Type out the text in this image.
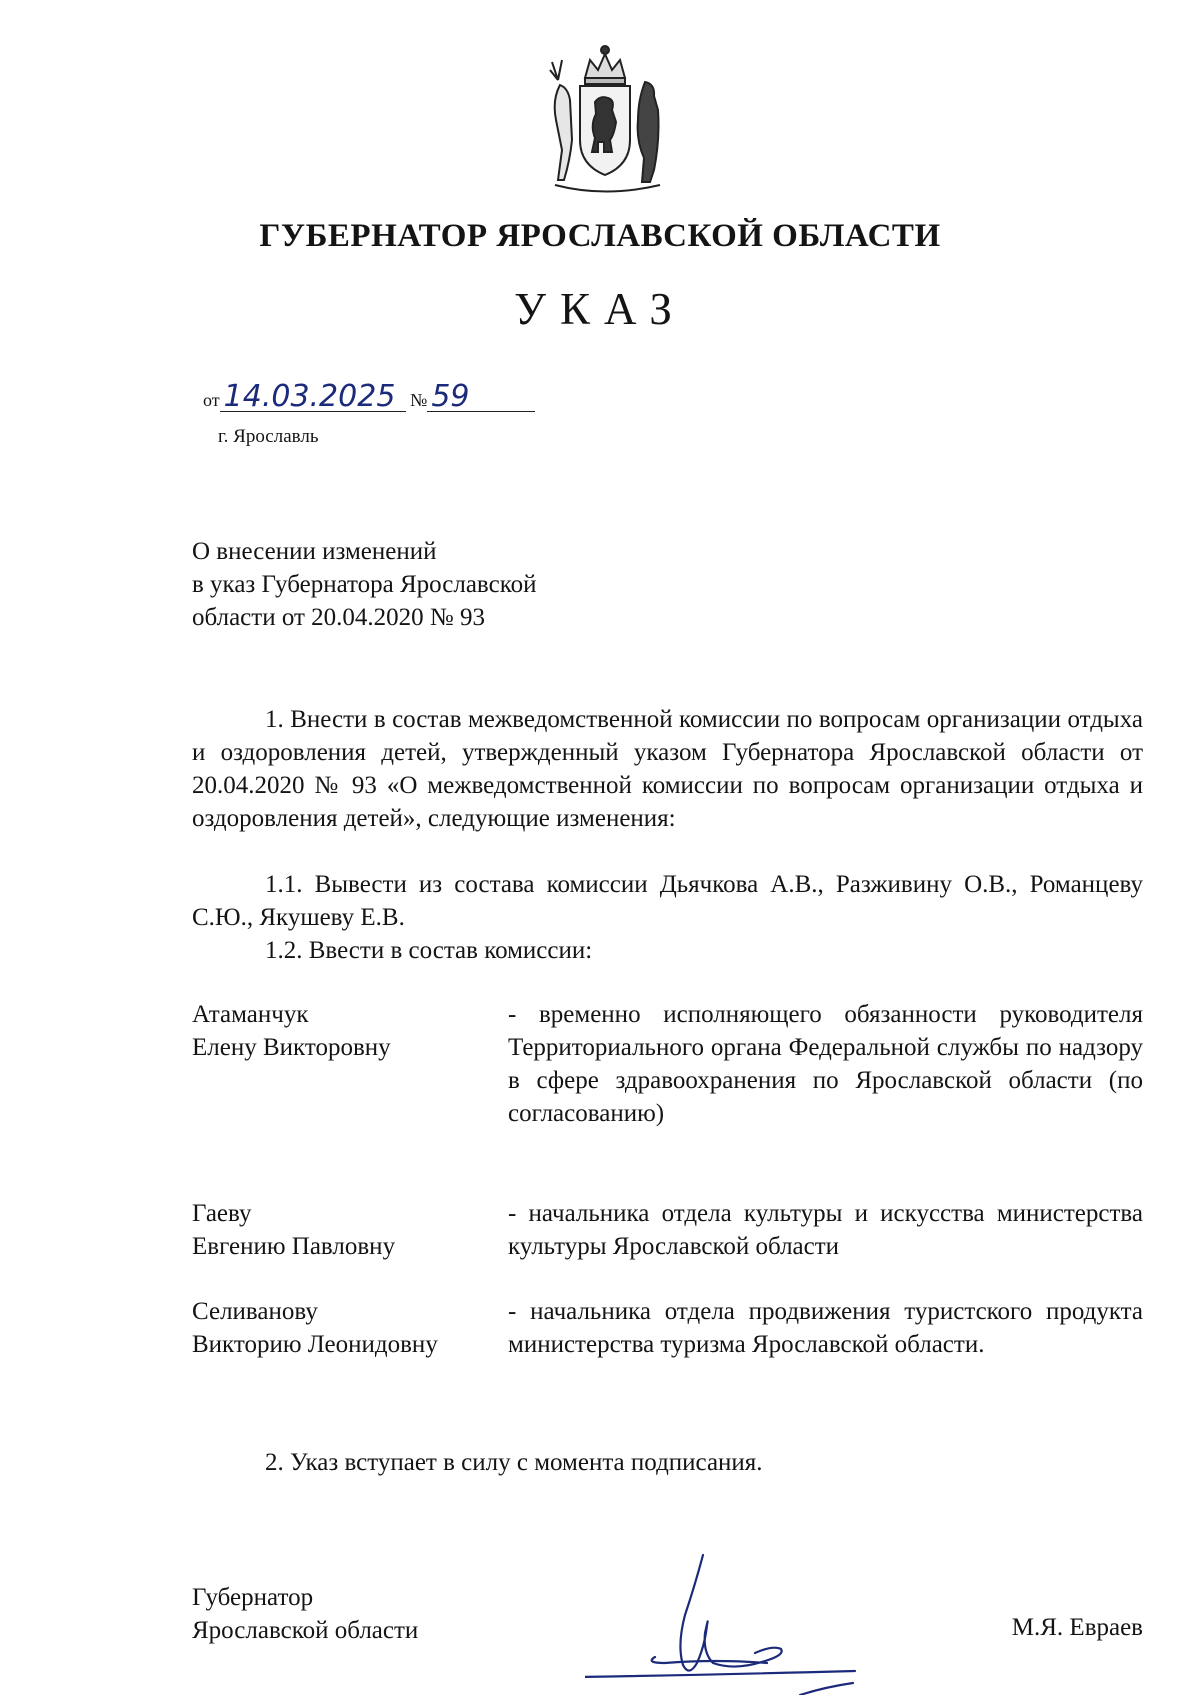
ГУБЕРНАТОР ЯРОСЛАВСКОЙ ОБЛАСТИ
УКАЗ
от 14.03.2025 № 59
г. Ярославль
О внесении изменений
в указ Губернатора Ярославской
области от 20.04.2020 № 93
1. Внести в состав межведомственной комиссии по вопросам организации отдыха и оздоровления детей, утвержденный указом Губернатора Ярославской области от 20.04.2020 № 93 «О межведомственной комиссии по вопросам организации отдыха и оздоровления детей», следующие изменения:
1.1. Вывести из состава комиссии Дьячкова А.В., Разживину О.В., Романцеву С.Ю., Якушеву Е.В.
1.2. Ввести в состав комиссии:
Атаманчук
Елену Викторовну
- временно исполняющего обязанности руководителя Территориального органа Федеральной службы по надзору в сфере здравоохранения по Ярославской области (по согласованию)
Гаеву
Евгению Павловну
- начальника отдела культуры и искусства министерства культуры Ярославской области
Селиванову
Викторию Леонидовну
- начальника отдела продвижения туристского продукта министерства туризма Ярославской области.
2. Указ вступает в силу с момента подписания.
Губернатор
Ярославской области	М.Я. Евраев
